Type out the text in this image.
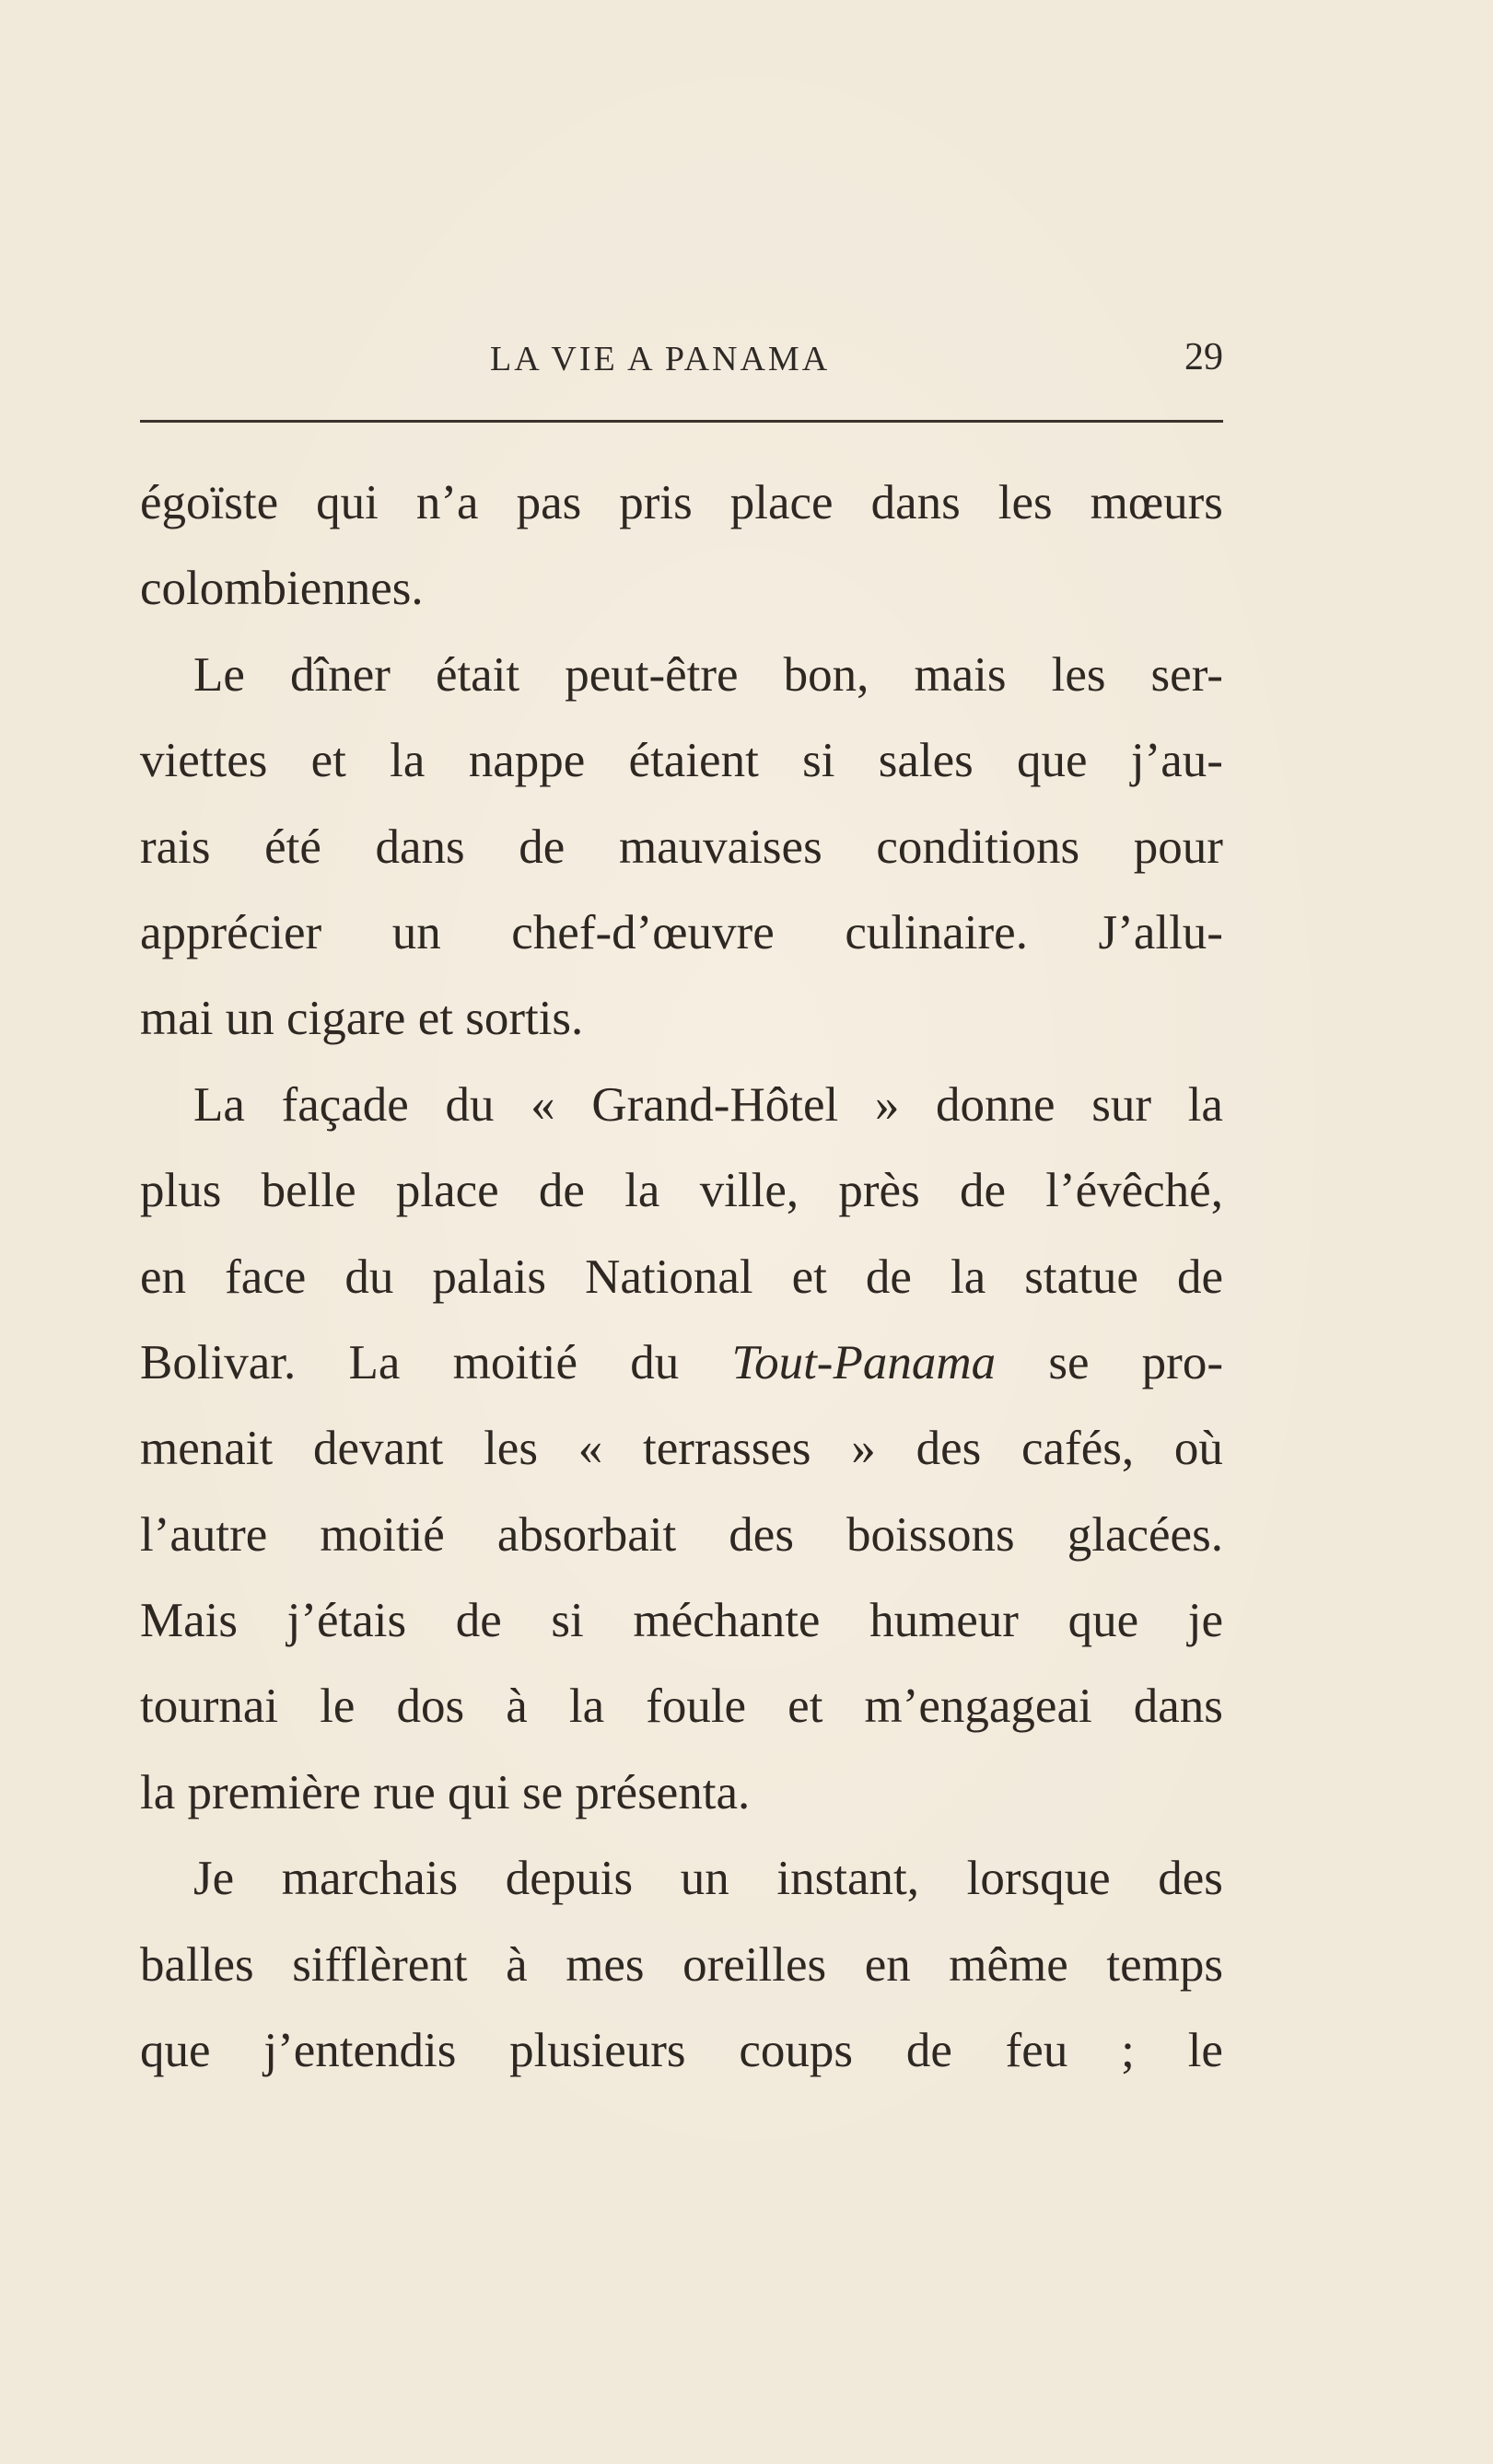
LA VIE A PANAMA	29
égoïste qui n’a pas pris place dans les mœurs
colombiennes.
Le dîner était peut-être bon, mais les ser-
viettes et la nappe étaient si sales que j’au-
rais été dans de mauvaises conditions pour
apprécier un chef-d’œuvre culinaire. J’allu-
mai un cigare et sortis.
La façade du « Grand-Hôtel » donne sur la
plus belle place de la ville, près de l’évêché,
en face du palais National et de la statue de
Bolivar. La moitié du Tout-Panama se pro-
menait devant les « terrasses » des cafés, où
l’autre moitié absorbait des boissons glacées.
Mais j’étais de si méchante humeur que je
tournai le dos à la foule et m’engageai dans
la première rue qui se présenta.
Je marchais depuis un instant, lorsque des
balles sifflèrent à mes oreilles en même temps
que j’entendis plusieurs coups de feu ; le
